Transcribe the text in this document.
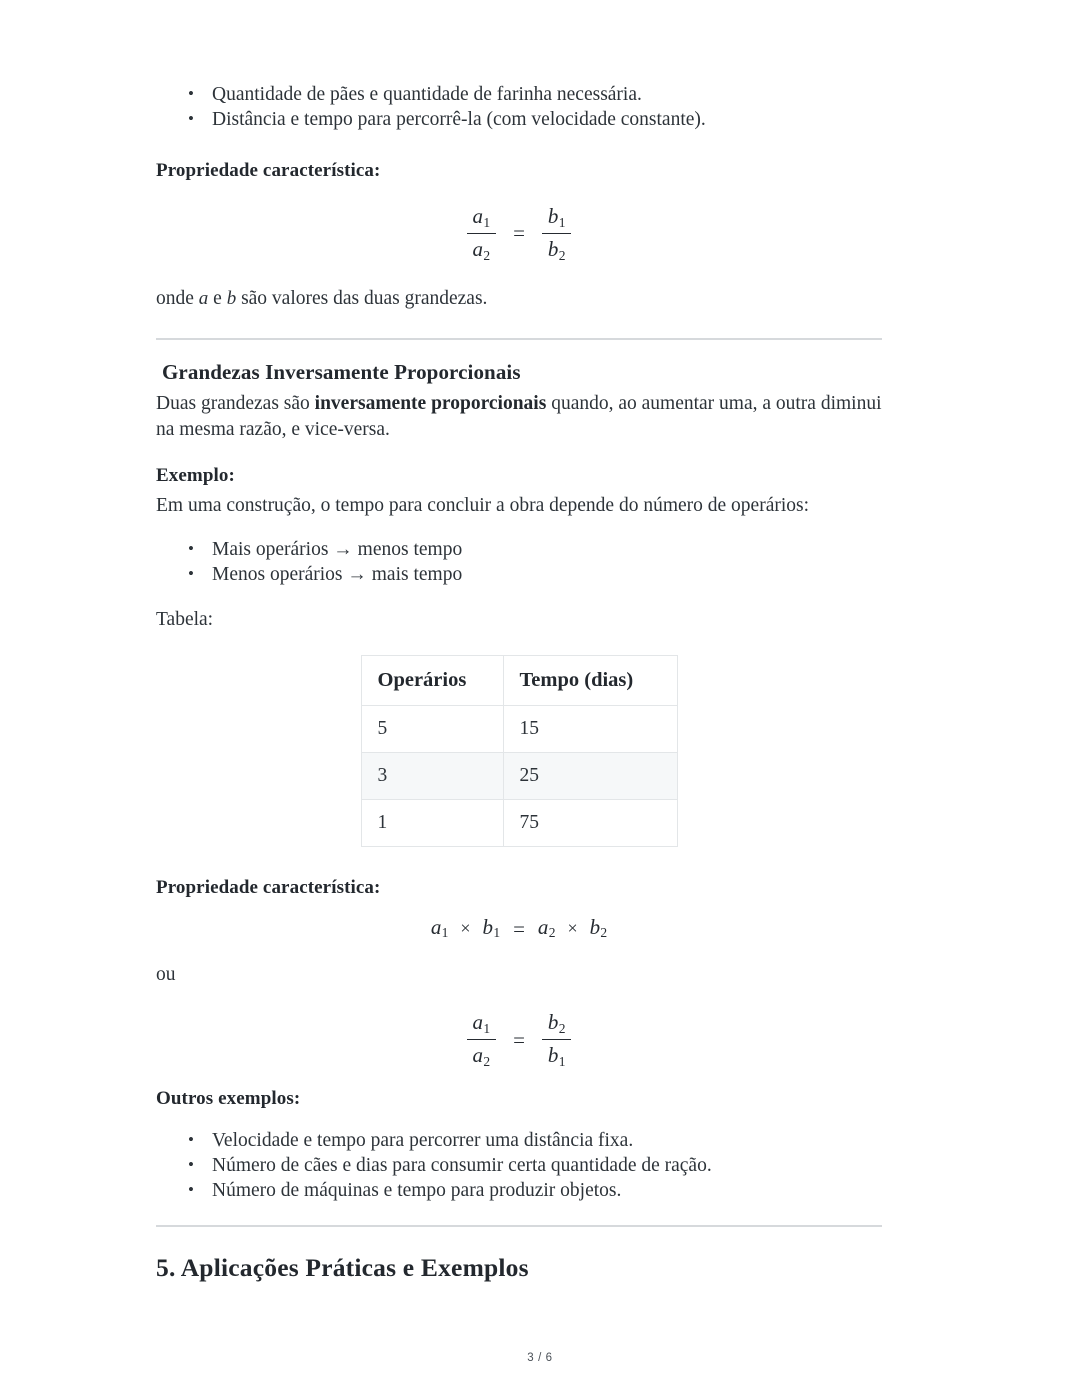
• Quantidade de pães e quantidade de farinha necessária.
• Distância e tempo para percorrê-la (com velocidade constante).

Propriedade característica:

$\frac{a_1}{a_2} = \frac{b_1}{b_2}$

onde a e b são valores das duas grandezas.

Grandezas Inversamente Proporcionais

Duas grandezas são inversamente proporcionais quando, ao aumentar uma, a outra diminui na mesma razão, e vice-versa.

Exemplo:

Em uma construção, o tempo para concluir a obra depende do número de operários:

• Mais operários → menos tempo
• Menos operários → mais tempo

Tabela:

Operários	Tempo (dias)
5	15
3	25
1	75

Propriedade característica:

$a_1 \times b_1 = a_2 \times b_2$

ou

$\frac{a_1}{a_2} = \frac{b_2}{b_1}$

Outros exemplos:

• Velocidade e tempo para percorrer uma distância fixa.
• Número de cães e dias para consumir certa quantidade de ração.
• Número de máquinas e tempo para produzir objetos.

5. Aplicações Práticas e Exemplos

3 / 6
